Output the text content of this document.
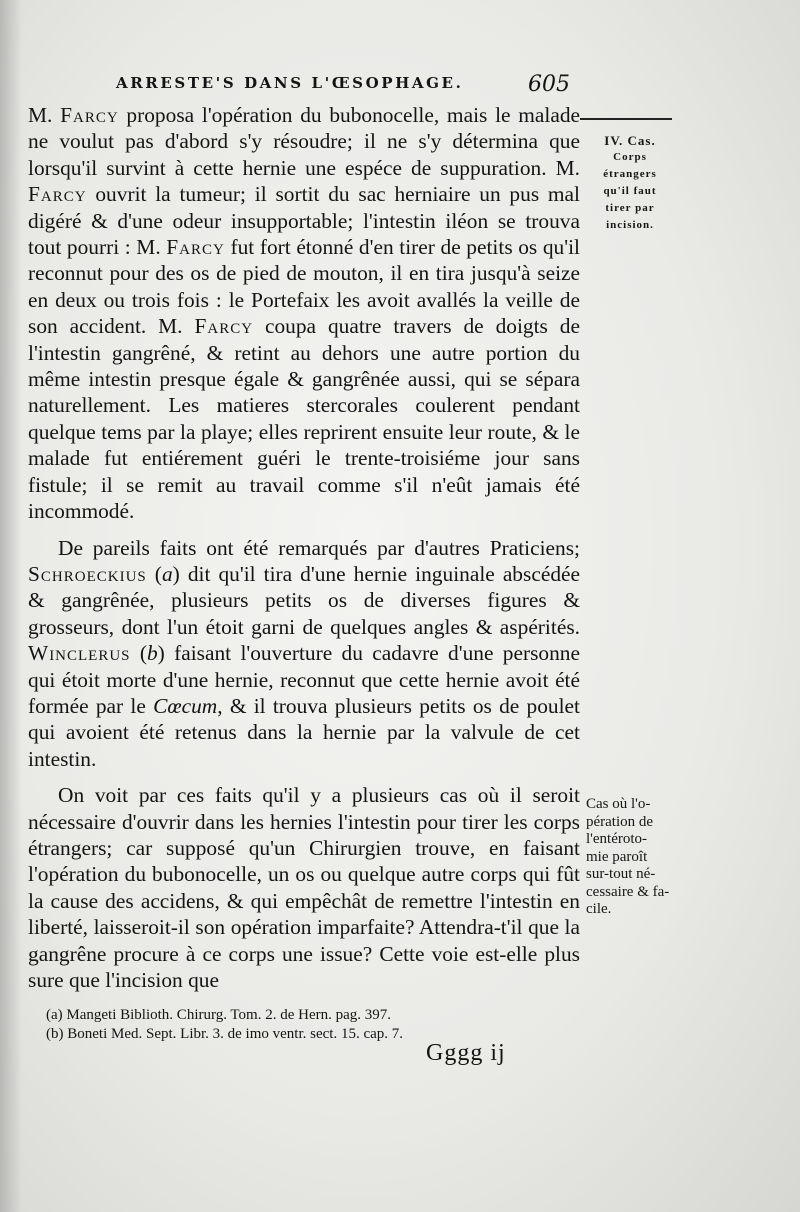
ARRESTE'S DANS L'ŒSOPHAGE.	605

M. Farcy proposa l'opération du bubonocelle, mais le malade ne voulut pas d'abord s'y résoudre; il ne s'y détermina que lorsqu'il survint à cette hernie une espéce de suppuration. M. Farcy ouvrit la tumeur; il sortit du sac herniaire un pus mal digéré & d'une odeur insupportable; l'intestin iléon se trouva tout pourri : M. Farcy fut fort étonné d'en tirer de petits os qu'il reconnut pour des os de pied de mouton, il en tira jusqu'à seize en deux ou trois fois : le Portefaix les avoit avallés la veille de son accident. M. Farcy coupa quatre travers de doigts de l'intestin gangrêné, & retint au dehors une autre portion du même intestin presque égale & gangrênée aussi, qui se sépara naturellement. Les matieres stercorales coulerent pendant quelque tems par la playe; elles reprirent ensuite leur route, & le malade fut entiérement guéri le trente-troisiéme jour sans fistule; il se remit au travail comme s'il n'eût jamais été incommodé.

De pareils faits ont été remarqués par d'autres Praticiens; Schroeckius (a) dit qu'il tira d'une hernie inguinale abscédée & gangrênée, plusieurs petits os de diverses figures & grosseurs, dont l'un étoit garni de quelques angles & aspérités. Winclerus (b) faisant l'ouverture du cadavre d'une personne qui étoit morte d'une hernie, reconnut que cette hernie avoit été formée par le Cœcum, & il trouva plusieurs petits os de poulet qui avoient été retenus dans la hernie par la valvule de cet intestin.

On voit par ces faits qu'il y a plusieurs cas où il seroit nécessaire d'ouvrir dans les hernies l'intestin pour tirer les corps étrangers; car supposé qu'un Chirurgien trouve, en faisant l'opération du bubonocelle, un os ou quelque autre corps qui fût la cause des accidens, & qui empêchât de remettre l'intestin en liberté, laisseroit-il son opération imparfaite? Attendra-t'il que la gangrêne procure à ce corps une issue? Cette voie est-elle plus sure que l'incision que

IV. Cas.
Corps
étrangers
qu'il faut
tirer par
incision.
Cas où l'o-
pération de
l'entéroto-
mie paroît
sur-tout né-
cessaire & fa-
cile.
(a) Mangeti Biblioth. Chirurg. Tom. 2. de Hern. pag. 397.
(b) Boneti Med. Sept. Libr. 3. de imo ventr. sect. 15. cap. 7.
Gggg ij
